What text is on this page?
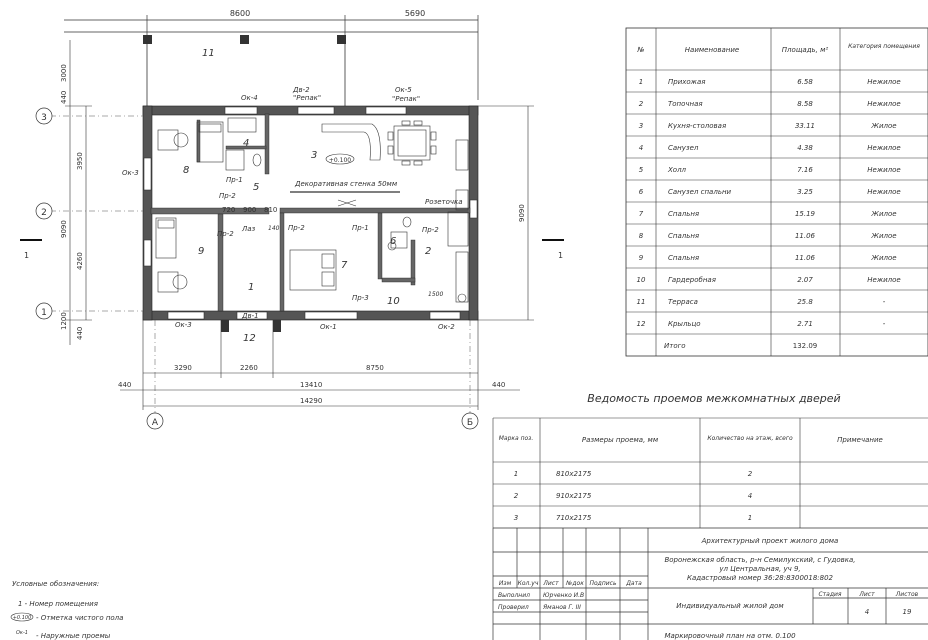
8600	5690
11
12
1
2
3
4
5
6
7
8
9
10
+0.100
Ок-4
Дв-2
"Репак"
Ок-5
"Репак"
Ок-3
Ок-3
Дв-1
Ок-1	Ок-2
Пр-1
Пр-2
Пр-2
Пр-2	Пр-1	Пр-2
Пр-3
Лаз 140
1500
Декоративная стенка 50мм
Розеточка
720 900 810
3000
440
3950
9090
4260
1200
440
9090
3
2
1
А	Б
1	1
3290	2260	8750
440	13410	440
14290
№	Наименование	Площадь, м²	Категория помещения
1	Прихожая	6.58	Нежилое
2	Топочная	8.58	Нежилое
3	Кухня-столовая	33.11	Жилое
4	Санузел	4.38	Нежилое
5	Холл	7.16	Нежилое
6	Санузел спальни	3.25	Нежилое
7	Спальня	15.19	Жилое
8	Спальня	11.06	Жилое
9	Спальня	11.06	Жилое
10	Гардеробная	2.07	Нежилое
11	Терраса	25.8	-
12	Крыльцо	2.71	-
Итого	132.09
Ведомость проемов межкомнатных дверей
Марка поз.	Размеры проема, мм	Количество на этаж, всего	Примечание
1	810х2175	2
2	910х2175	4
3	710х2175	1
Архитектурный проект жилого дома
Воронежская область, р-н Семилукский, с Гудовка,
ул Центральная, уч 9,
Кадастровый номер 36:28:8300018:802
Изм Кол.уч Лист №док Подпись Дата
Выполнил Юрченко И.В
Проверил Яманов Г. III	Индивидуальный жилой дом
Стадия	Лист	Листов
4	19
Маркировочный план на отм. 0.100
Условные обозначения:
1 - Номер помещения
+0.100 - Отметка чистого пола
Ок-1 - Наружные проемы
